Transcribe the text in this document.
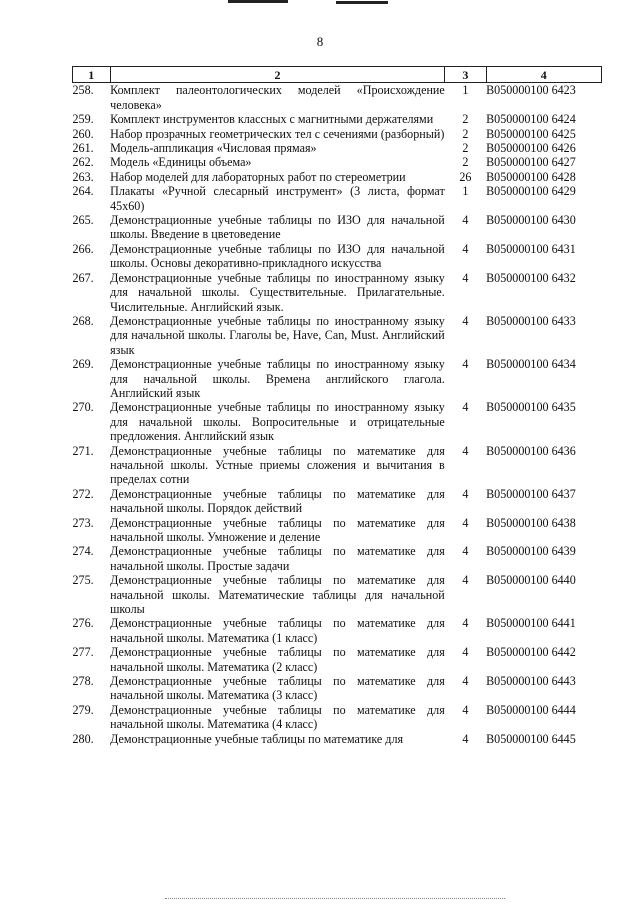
8
1	2	3	4
258.	Комплект палеонтологических моделей «Происхождение человека»	1	B050000100 6423
259.	Комплект инструментов классных с магнитными держателями	2	B050000100 6424
260.	Набор прозрачных геометрических тел с сечениями (разборный)	2	B050000100 6425
261.	Модель-аппликация «Числовая прямая»	2	B050000100 6426
262.	Модель «Единицы объема»	2	B050000100 6427
263.	Набор моделей для лабораторных работ по стереометрии	26	B050000100 6428
264.	Плакаты «Ручной слесарный инструмент» (3 листа, формат 45х60)	1	B050000100 6429
265.	Демонстрационные учебные таблицы по ИЗО для начальной школы. Введение в цветоведение	4	B050000100 6430
266.	Демонстрационные учебные таблицы по ИЗО для начальной школы. Основы декоративно-прикладного искусства	4	B050000100 6431
267.	Демонстрационные учебные таблицы по иностранному языку для начальной школы. Существительные. Прилагательные. Числительные. Английский язык.	4	B050000100 6432
268.	Демонстрационные учебные таблицы по иностранному языку для начальной школы. Глаголы be, Have, Can, Must. Английский язык	4	B050000100 6433
269.	Демонстрационные учебные таблицы по иностранному языку для начальной школы. Времена английского глагола. Английский язык	4	B050000100 6434
270.	Демонстрационные учебные таблицы по иностранному языку для начальной школы. Вопросительные и отрицательные предложения. Английский язык	4	B050000100 6435
271.	Демонстрационные учебные таблицы по математике для начальной школы. Устные приемы сложения и вычитания в пределах сотни	4	B050000100 6436
272.	Демонстрационные учебные таблицы по математике для начальной школы. Порядок действий	4	B050000100 6437
273.	Демонстрационные учебные таблицы по математике для начальной школы. Умножение и деление	4	B050000100 6438
274.	Демонстрационные учебные таблицы по математике для начальной школы. Простые задачи	4	B050000100 6439
275.	Демонстрационные учебные таблицы по математике для начальной школы. Математические таблицы для начальной школы	4	B050000100 6440
276.	Демонстрационные учебные таблицы по математике для начальной школы. Математика (1 класс)	4	B050000100 6441
277.	Демонстрационные учебные таблицы по математике для начальной школы. Математика (2 класс)	4	B050000100 6442
278.	Демонстрационные учебные таблицы по математике для начальной школы. Математика (3 класс)	4	B050000100 6443
279.	Демонстрационные учебные таблицы по математике для начальной школы. Математика (4 класс)	4	B050000100 6444
280.	Демонстрационные учебные таблицы по математике для	4	B050000100 6445
